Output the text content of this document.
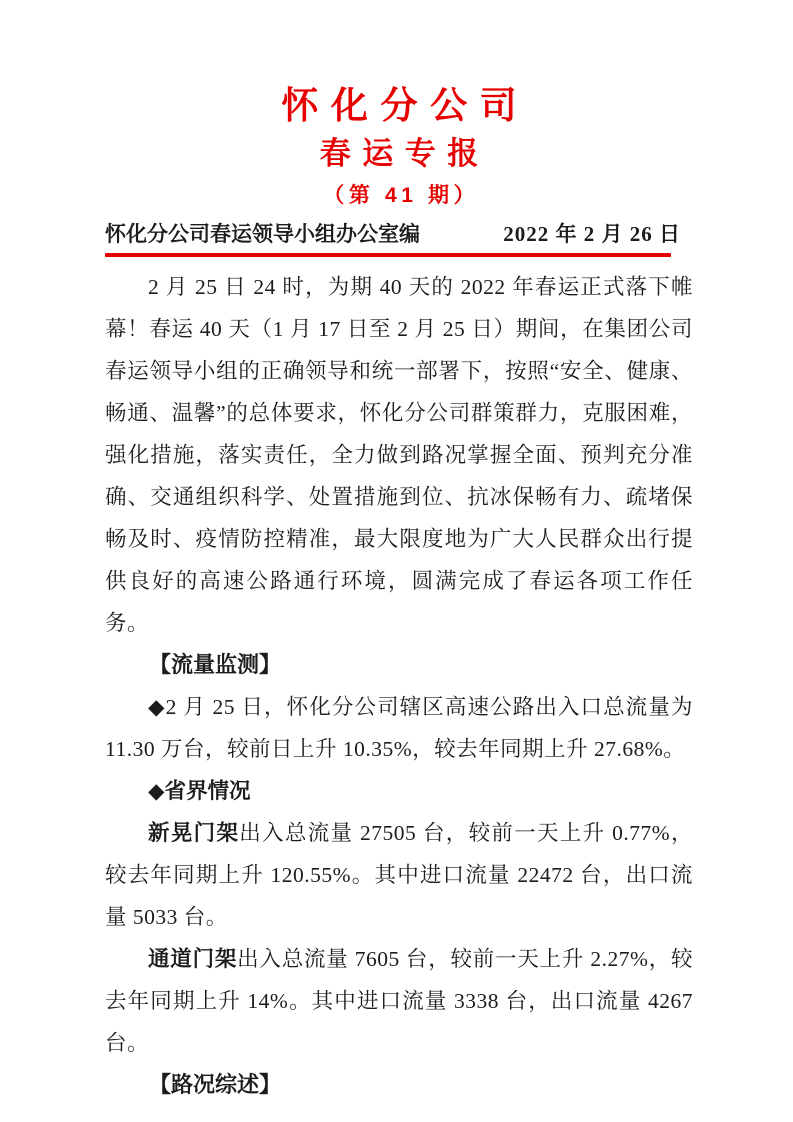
怀化分公司
春运专报
（第 41 期）
怀化分公司春运领导小组办公室编	2022 年 2 月 26 日

2 月 25 日 24 时，为期 40 天的 2022 年春运正式落下帷幕！春运 40 天（1 月 17 日至 2 月 25 日）期间，在集团公司春运领导小组的正确领导和统一部署下，按照“安全、健康、畅通、温馨”的总体要求，怀化分公司群策群力，克服困难，强化措施，落实责任，全力做到路况掌握全面、预判充分准确、交通组织科学、处置措施到位、抗冰保畅有力、疏堵保畅及时、疫情防控精准，最大限度地为广大人民群众出行提供良好的高速公路通行环境，圆满完成了春运各项工作任务。

【流量监测】

◆2 月 25 日，怀化分公司辖区高速公路出入口总流量为 11.30 万台，较前日上升 10.35%，较去年同期上升 27.68%。

◆省界情况

新晃门架出入总流量 27505 台，较前一天上升 0.77%，较去年同期上升 120.55%。其中进口流量 22472 台，出口流量 5033 台。

通道门架出入总流量 7605 台，较前一天上升 2.27%，较去年同期上升 14%。其中进口流量 3338 台，出口流量 4267 台。

【路况综述】
